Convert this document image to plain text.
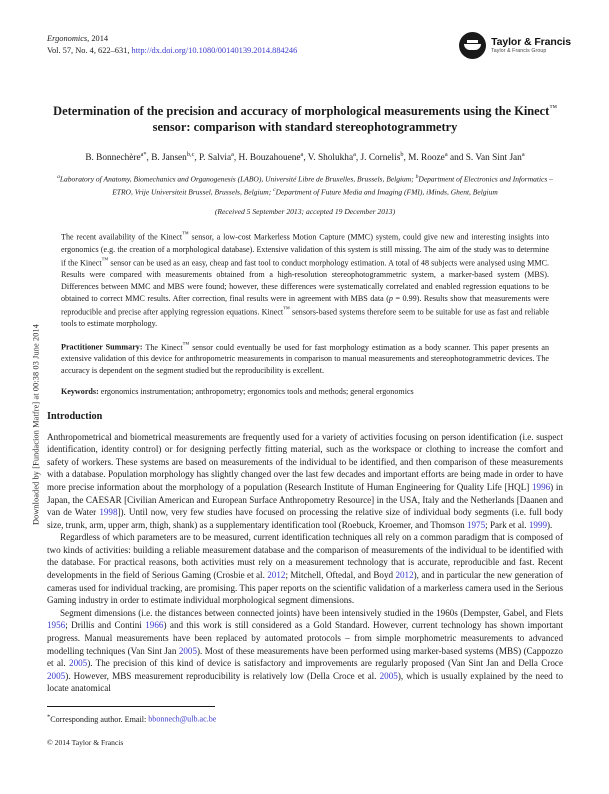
Downloaded by [Fundacion Matfre] at 00:38 03 June 2014
Ergonomics, 2014
Vol. 57, No. 4, 622–631, http://dx.doi.org/10.1080/00140139.2014.884246
Taylor & Francis
Taylor & Francis Group
Determination of the precision and accuracy of morphological measurements using the Kinect™
sensor: comparison with standard stereophotogrammetry
B. Bonnechère$^{a*}$, B. Jansen$^{b,c}$, P. Salvia$^a$, H. Bouzahouene$^a$, V. Sholukha$^a$, J. Cornelis$^b$, M. Rooze$^a$ and S. Van Sint Jan$^a$
$^a$Laboratory of Anatomy, Biomechanics and Organogenesis (LABO), Université Libre de Bruxelles, Brussels, Belgium; $^b$Department of Electronics and Informatics – ETRO, Vrije Universiteit Brussel, Brussels, Belgium; $^c$Department of Future Media and Imaging (FMI), iMinds, Ghent, Belgium
(Received 5 September 2013; accepted 19 December 2013)

The recent availability of the Kinect™ sensor, a low-cost Markerless Motion Capture (MMC) system, could give new and interesting insights into ergonomics (e.g. the creation of a morphological database). Extensive validation of this system is still missing. The aim of the study was to determine if the Kinect™ sensor can be used as an easy, cheap and fast tool to conduct morphology estimation. A total of 48 subjects were analysed using MMC. Results were compared with measurements obtained from a high-resolution stereophotogrammetric system, a marker-based system (MBS). Differences between MMC and MBS were found; however, these differences were systematically correlated and enabled regression equations to be obtained to correct MMC results. After correction, final results were in agreement with MBS data (p = 0.99). Results show that measurements were reproducible and precise after applying regression equations. Kinect™ sensors-based systems therefore seem to be suitable for use as fast and reliable tools to estimate morphology.

Practitioner Summary: The Kinect™ sensor could eventually be used for fast morphology estimation as a body scanner. This paper presents an extensive validation of this device for anthropometric measurements in comparison to manual measurements and stereophotogrammetric devices. The accuracy is dependent on the segment studied but the reproducibility is excellent.

Keywords: ergonomics instrumentation; anthropometry; ergonomics tools and methods; general ergonomics

Introduction

Anthropometrical and biometrical measurements are frequently used for a variety of activities focusing on person identification (i.e. suspect identification, identity control) or for designing perfectly fitting material, such as the workspace or clothing to increase the comfort and safety of workers. These systems are based on measurements of the individual to be identified, and then comparison of these measurements with a database. Population morphology has slightly changed over the last few decades and important efforts are being made in order to have more precise information about the morphology of a population (Research Institute of Human Engineering for Quality Life [HQL] 1996) in Japan, the CAESAR [Civilian American and European Surface Anthropometry Resource] in the USA, Italy and the Netherlands [Daanen and van de Water 1998]). Until now, very few studies have focused on processing the relative size of individual body segments (i.e. full body size, trunk, arm, upper arm, thigh, shank) as a supplementary identification tool (Roebuck, Kroemer, and Thomson 1975; Park et al. 1999).

Regardless of which parameters are to be measured, current identification techniques all rely on a common paradigm that is composed of two kinds of activities: building a reliable measurement database and the comparison of measurements of the individual to be identified with the database. For practical reasons, both activities must rely on a measurement technology that is accurate, reproducible and fast. Recent developments in the field of Serious Gaming (Crosbie et al. 2012; Mitchell, Oftedal, and Boyd 2012), and in particular the new generation of cameras used for individual tracking, are promising. This paper reports on the scientific validation of a markerless camera used in the Serious Gaming industry in order to estimate individual morphological segment dimensions.

Segment dimensions (i.e. the distances between connected joints) have been intensively studied in the 1960s (Dempster, Gabel, and Flets 1956; Drillis and Contini 1966) and this work is still considered as a Gold Standard. However, current technology has shown important progress. Manual measurements have been replaced by automated protocols – from simple morphometric measurements to advanced modelling techniques (Van Sint Jan 2005). Most of these measurements have been performed using marker-based systems (MBS) (Cappozzo et al. 2005). The precision of this kind of device is satisfactory and improvements are regularly proposed (Van Sint Jan and Della Croce 2005). However, MBS measurement reproducibility is relatively low (Della Croce et al. 2005), which is usually explained by the need to locate anatomical

*Corresponding author. Email: bbonnech@ulb.ac.be
© 2014 Taylor & Francis
